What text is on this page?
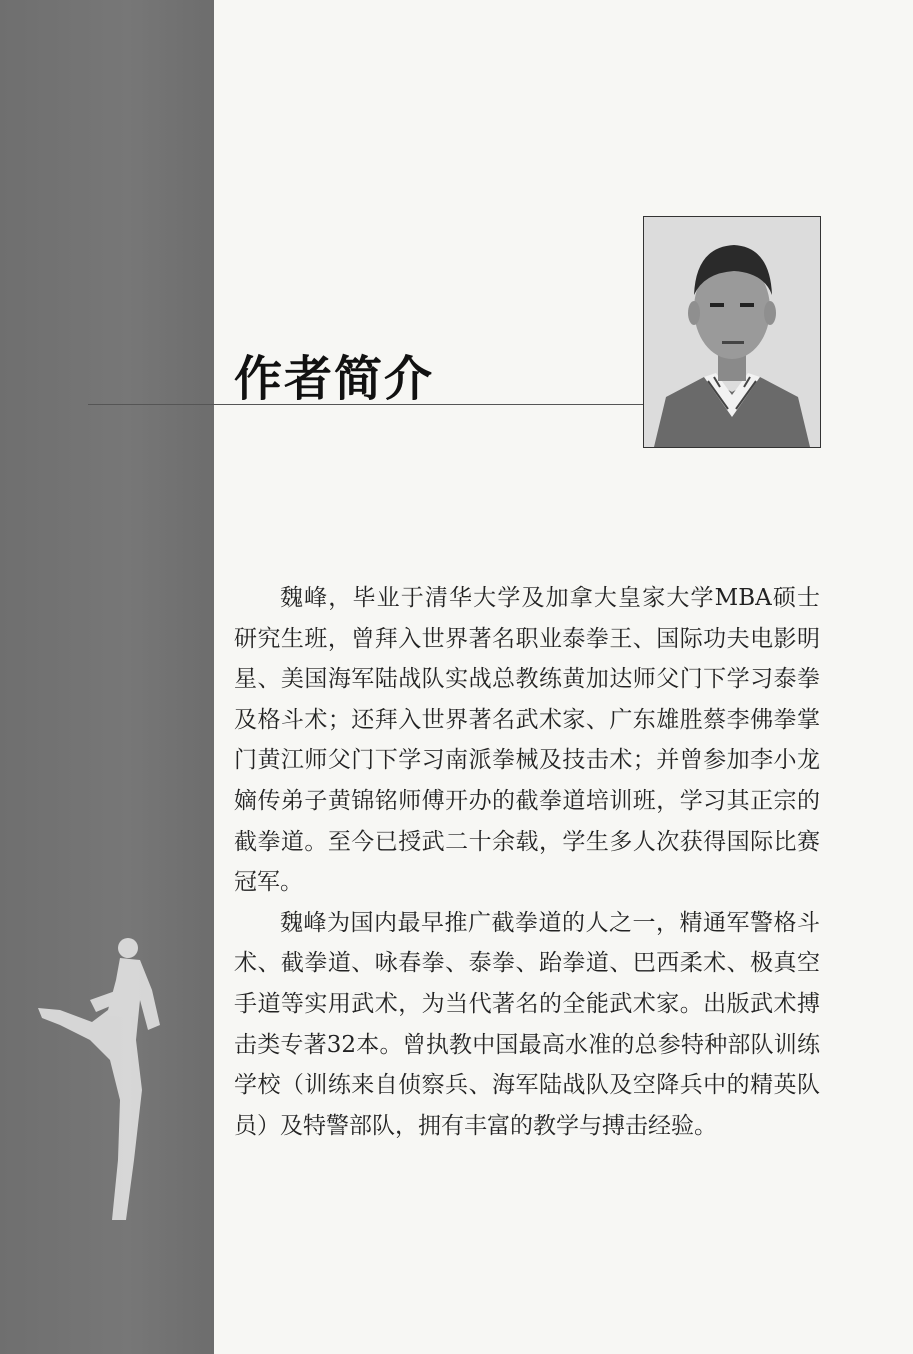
作者简介

魏峰，毕业于清华大学及加拿大皇家大学MBA硕士研究生班，曾拜入世界著名职业泰拳王、国际功夫电影明星、美国海军陆战队实战总教练黄加达师父门下学习泰拳及格斗术；还拜入世界著名武术家、广东雄胜蔡李佛拳掌门黄江师父门下学习南派拳械及技击术；并曾参加李小龙嫡传弟子黄锦铭师傅开办的截拳道培训班，学习其正宗的截拳道。至今已授武二十余载，学生多人次获得国际比赛冠军。

魏峰为国内最早推广截拳道的人之一，精通军警格斗术、截拳道、咏春拳、泰拳、跆拳道、巴西柔术、极真空手道等实用武术，为当代著名的全能武术家。出版武术搏击类专著32本。曾执教中国最高水准的总参特种部队训练学校（训练来自侦察兵、海军陆战队及空降兵中的精英队员）及特警部队，拥有丰富的教学与搏击经验。
